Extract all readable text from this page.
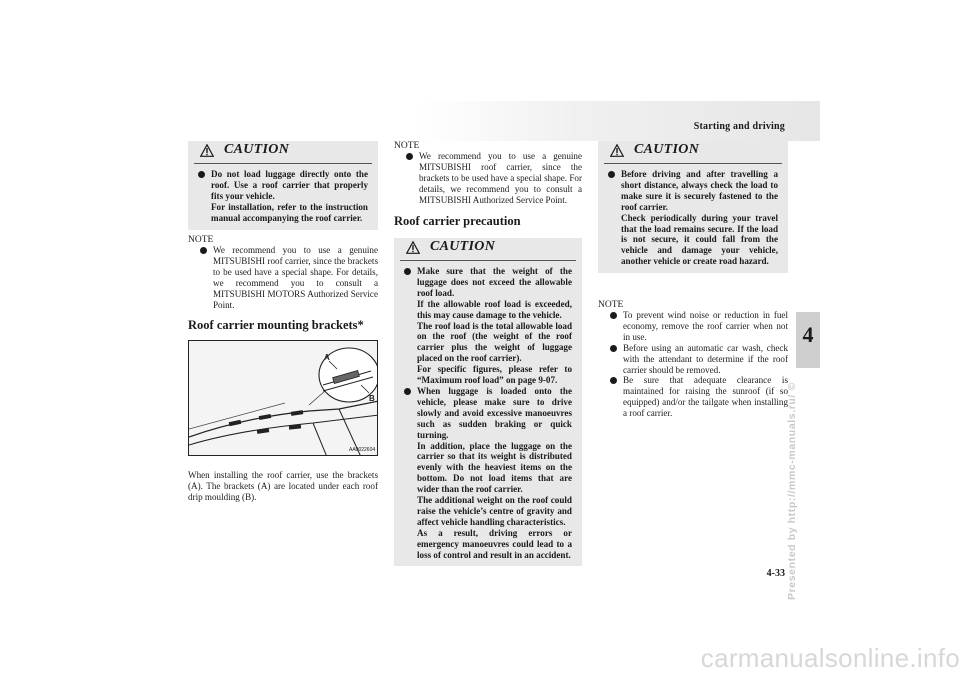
Starting and driving
4
4-33 Presented by http://mmc-manuals.ru/ ©
carmanualsonline.info
CAUTION
Do not load luggage directly onto the roof. Use a roof carrier that properly fits your vehicle.
For installation, refer to the instruction manual accompanying the roof carrier.
NOTE
We recommend you to use a genuine MITSUBISHI roof carrier, since the brackets to be used have a special shape. For details, we recommend you to consult a MITSUBISHI MOTORS Authorized Service Point.
Roof carrier mounting brackets*
A
B
AA0022604
When installing the roof carrier, use the brackets (A). The brackets (A) are located under each roof drip moulding (B).
NOTE
We recommend you to use a genuine MITSUBISHI roof carrier, since the brackets to be used have a special shape. For details, we recommend you to consult a MITSUBISHI Authorized Service Point.
Roof carrier precaution
CAUTION
Make sure that the weight of the luggage does not exceed the allowable roof load.
If the allowable roof load is exceeded, this may cause damage to the vehicle.
The roof load is the total allowable load on the roof (the weight of the roof carrier plus the weight of luggage placed on the roof carrier).
For specific figures, please refer to “Maximum roof load” on page 9-07.
When luggage is loaded onto the vehicle, please make sure to drive slowly and avoid excessive manoeuvres such as sudden braking or quick turning.
In addition, place the luggage on the carrier so that its weight is distributed evenly with the heaviest items on the bottom. Do not load items that are wider than the roof carrier.
The additional weight on the roof could raise the vehicle’s centre of gravity and affect vehicle handling characteristics.
As a result, driving errors or emergency manoeuvres could lead to a loss of control and result in an accident.
CAUTION
Before driving and after travelling a short distance, always check the load to make sure it is securely fastened to the roof carrier.
Check periodically during your travel that the load remains secure. If the load is not secure, it could fall from the vehicle and damage your vehicle, another vehicle or create road hazard.
NOTE
To prevent wind noise or reduction in fuel economy, remove the roof carrier when not in use.
Before using an automatic car wash, check with the attendant to determine if the roof carrier should be removed.
Be sure that adequate clearance is maintained for raising the sunroof (if so equipped) and/or the tailgate when installing a roof carrier.
